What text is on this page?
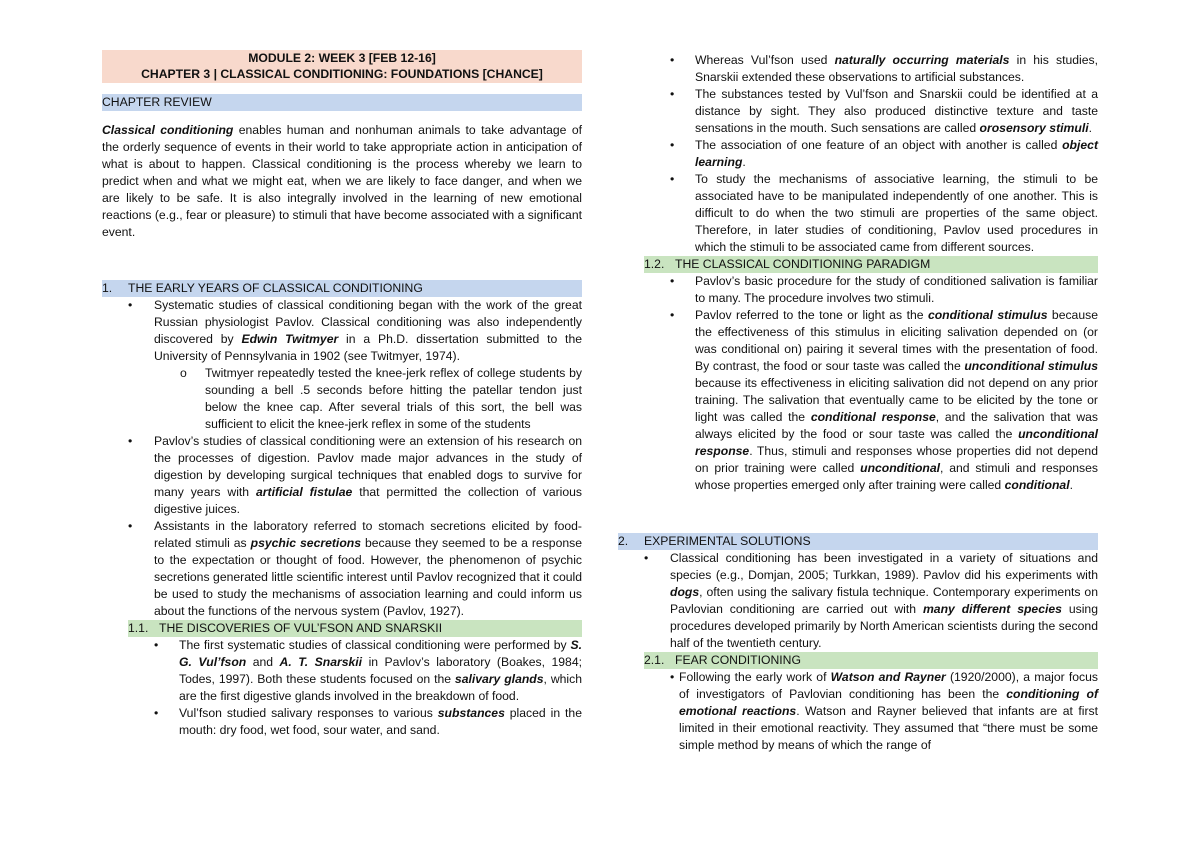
MODULE 2: WEEK 3 [FEB 12-16]
CHAPTER 3 | CLASSICAL CONDITIONING: FOUNDATIONS [CHANCE]
CHAPTER REVIEW

Classical conditioning enables human and nonhuman animals to take advantage of the orderly sequence of events in their world to take appropriate action in anticipation of what is about to happen. Classical conditioning is the process whereby we learn to predict when and what we might eat, when we are likely to face danger, and when we are likely to be safe. It is also integrally involved in the learning of new emotional reactions (e.g., fear or pleasure) to stimuli that have become associated with a significant event.

1. THE EARLY YEARS OF CLASSICAL CONDITIONING
• Systematic studies of classical conditioning began with the work of the great Russian physiologist Pavlov. Classical conditioning was also independently discovered by Edwin Twitmyer in a Ph.D. dissertation submitted to the University of Pennsylvania in 1902 (see Twitmyer, 1974).
o Twitmyer repeatedly tested the knee-jerk reflex of college students by sounding a bell .5 seconds before hitting the patellar tendon just below the knee cap. After several trials of this sort, the bell was sufficient to elicit the knee-jerk reflex in some of the students
• Pavlov’s studies of classical conditioning were an extension of his research on the processes of digestion. Pavlov made major advances in the study of digestion by developing surgical techniques that enabled dogs to survive for many years with artificial fistulae that permitted the collection of various digestive juices.
• Assistants in the laboratory referred to stomach secretions elicited by food-related stimuli as psychic secretions because they seemed to be a response to the expectation or thought of food. However, the phenomenon of psychic secretions generated little scientific interest until Pavlov recognized that it could be used to study the mechanisms of association learning and could inform us about the functions of the nervous system (Pavlov, 1927).
1.1. THE DISCOVERIES OF VUL’FSON AND SNARSKII
• The first systematic studies of classical conditioning were performed by S. G. Vul’fson and A. T. Snarskii in Pavlov’s laboratory (Boakes, 1984; Todes, 1997). Both these students focused on the salivary glands, which are the first digestive glands involved in the breakdown of food.
• Vul’fson studied salivary responses to various substances placed in the mouth: dry food, wet food, sour water, and sand.
• Whereas Vul’fson used naturally occurring materials in his studies, Snarskii extended these observations to artificial substances.
• The substances tested by Vul’fson and Snarskii could be identified at a distance by sight. They also produced distinctive texture and taste sensations in the mouth. Such sensations are called orosensory stimuli.
• The association of one feature of an object with another is called object learning.
• To study the mechanisms of associative learning, the stimuli to be associated have to be manipulated independently of one another. This is difficult to do when the two stimuli are properties of the same object. Therefore, in later studies of conditioning, Pavlov used procedures in which the stimuli to be associated came from different sources.
1.2. THE CLASSICAL CONDITIONING PARADIGM
• Pavlov’s basic procedure for the study of conditioned salivation is familiar to many. The procedure involves two stimuli.
• Pavlov referred to the tone or light as the conditional stimulus because the effectiveness of this stimulus in eliciting salivation depended on (or was conditional on) pairing it several times with the presentation of food. By contrast, the food or sour taste was called the unconditional stimulus because its effectiveness in eliciting salivation did not depend on any prior training. The salivation that eventually came to be elicited by the tone or light was called the conditional response, and the salivation that was always elicited by the food or sour taste was called the unconditional response. Thus, stimuli and responses whose properties did not depend on prior training were called unconditional, and stimuli and responses whose properties emerged only after training were called conditional.
2. EXPERIMENTAL SOLUTIONS
• Classical conditioning has been investigated in a variety of situations and species (e.g., Domjan, 2005; Turkkan, 1989). Pavlov did his experiments with dogs, often using the salivary fistula technique. Contemporary experiments on Pavlovian conditioning are carried out with many different species using procedures developed primarily by North American scientists during the second half of the twentieth century.
2.1. FEAR CONDITIONING
• Following the early work of Watson and Rayner (1920/2000), a major focus of investigators of Pavlovian conditioning has been the conditioning of emotional reactions. Watson and Rayner believed that infants are at first limited in their emotional reactivity. They assumed that “there must be some simple method by means of which the range of
